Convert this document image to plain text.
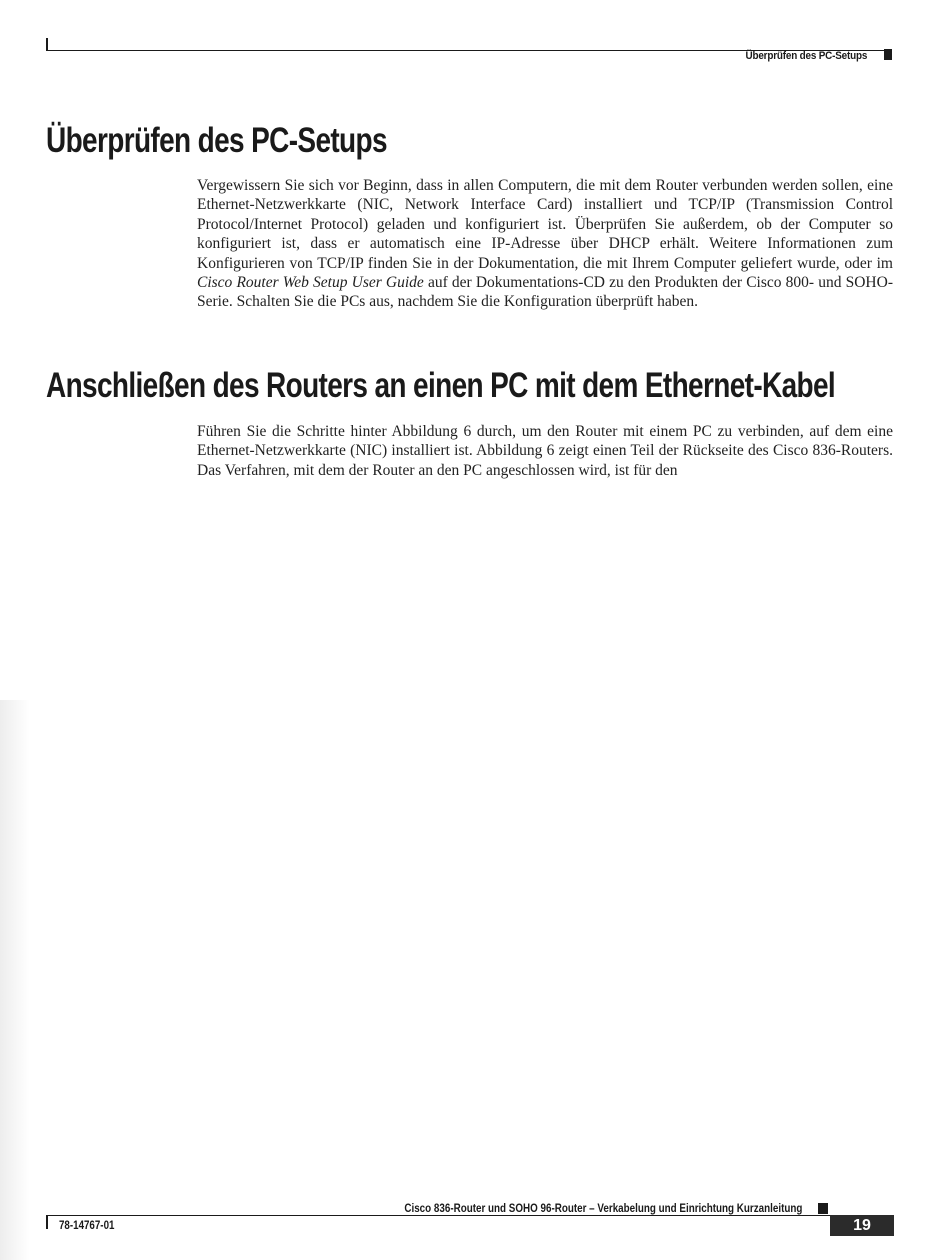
Überprüfen des PC-Setups
Überprüfen des PC-Setups

Vergewissern Sie sich vor Beginn, dass in allen Computern, die mit dem Router verbunden werden sollen, eine Ethernet-Netzwerkkarte (NIC, Network Interface Card) installiert und TCP/IP (Transmission Control Protocol/Internet Protocol) geladen und konfiguriert ist. Überprüfen Sie außerdem, ob der Computer so konfiguriert ist, dass er automatisch eine IP-Adresse über DHCP erhält. Weitere Informationen zum Konfigurieren von TCP/IP finden Sie in der Dokumentation, die mit Ihrem Computer geliefert wurde, oder im Cisco Router Web Setup User Guide auf der Dokumentations-CD zu den Produkten der Cisco 800- und SOHO-Serie. Schalten Sie die PCs aus, nachdem Sie die Konfiguration überprüft haben.

Anschließen des Routers an einen PC mit dem Ethernet-Kabel

Führen Sie die Schritte hinter Abbildung 6 durch, um den Router mit einem PC zu verbinden, auf dem eine Ethernet-Netzwerkkarte (NIC) installiert ist. Abbildung 6 zeigt einen Teil der Rückseite des Cisco 836-Routers. Das Verfahren, mit dem der Router an den PC angeschlossen wird, ist für den

Cisco 836-Router und SOHO 96-Router – Verkabelung und Einrichtung Kurzanleitung
78-14767-01	19
